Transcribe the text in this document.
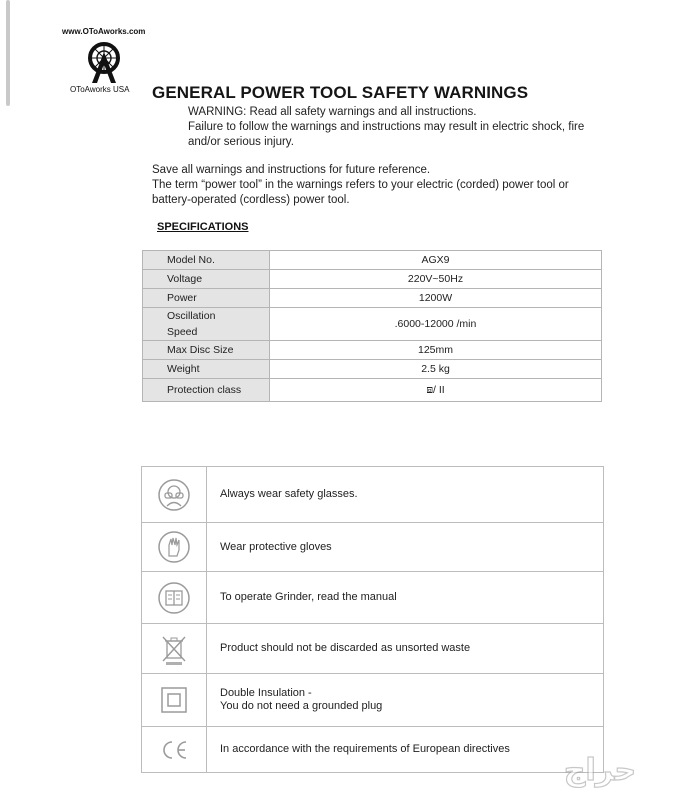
www.OToAworks.com
OToAworks USA GENERAL POWER TOOL SAFETY WARNINGS

WARNING: Read all safety warnings and all instructions.

Failure to follow the warnings and instructions may result in electric shock, fire

and/or serious injury.

Save all warnings and instructions for future reference.

The term “power tool” in the warnings refers to your electric (corded) power tool or

battery-operated (cordless) power tool.

SPECIFICATIONS
Model No.	AGX9
Voltage	220V~50Hz
Power	1200W

Oscillation
Speed	.6000-12000 /min
Max Disc Size	125mm
Weight	2.5 kg
Protection class	⧈/ II
	Always wear safety glasses.

	Wear protective gloves

	To operate Grinder, read the manual

	Product should not be discarded as unsorted waste

Double Insulation -
You do not need a grounded plug

	In accordance with the requirements of European directives
حراج
